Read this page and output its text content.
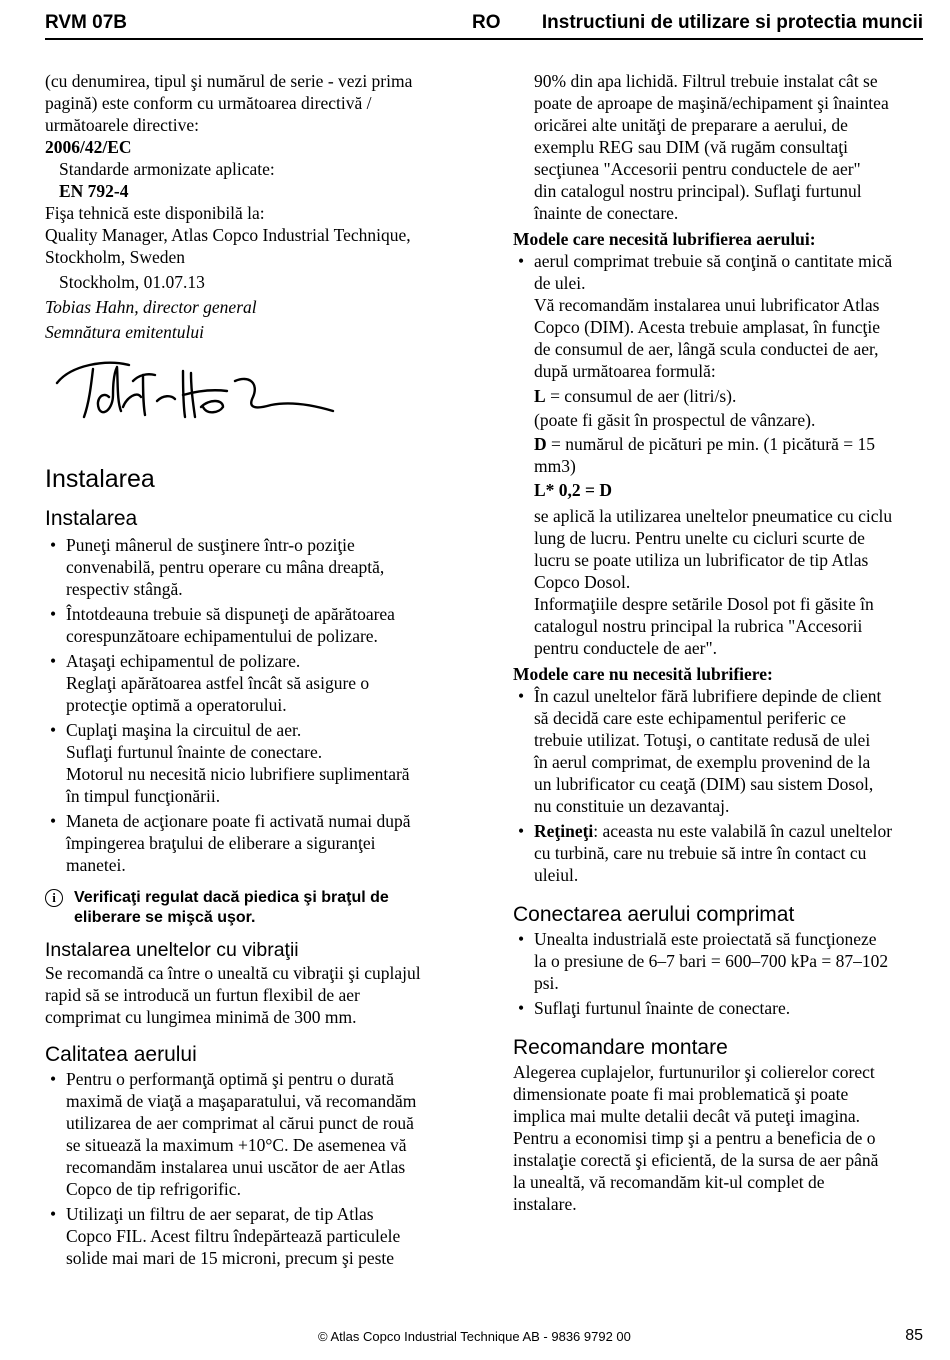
RVM 07B	RO Instructiuni de utilizare si protectia muncii

(cu denumirea, tipul şi numărul de serie - vezi prima

pagină) este conform cu următoarea directivă /

următoarele directive:

2006/42/EC

Standarde armonizate aplicate:

EN 792-4

Fişa tehnică este disponibilă la:

Quality Manager, Atlas Copco Industrial Technique,

Stockholm, Sweden

Stockholm, 01.07.13

Tobias Hahn, director general

Semnătura emitentului

Instalarea
Instalarea
• Puneţi mânerul de susţinere într-o poziţie
convenabilă, pentru operare cu mâna dreaptă,
respectiv stângă.
• Întotdeauna trebuie să dispuneţi de apărătoarea
corespunzătoare echipamentului de polizare.
• Ataşaţi echipamentul de polizare.
Reglaţi apărătoarea astfel încât să asigure o
protecţie optimă a operatorului.
• Cuplaţi maşina la circuitul de aer.
Suflaţi furtunul înainte de conectare.
Motorul nu necesită nicio lubrifiere suplimentară
în timpul funcţionării.
• Maneta de acţionare poate fi activată numai după
împingerea braţului de eliberare a siguranţei
manetei.
i	Verificaţi regulat dacă piedica şi braţul de
eliberare se mişcă uşor.
Instalarea uneltelor cu vibraţii

Se recomandă ca între o unealtă cu vibraţii şi cuplajul

rapid să se introducă un furtun flexibil de aer

comprimat cu lungimea minimă de 300 mm.

Calitatea aerului
• Pentru o performanţă optimă şi pentru o durată
maximă de viaţă a maşaparatului, vă recomandăm
utilizarea de aer comprimat al cărui punct de rouă
se situează la maximum +10°C. De asemenea vă
recomandăm instalarea unui uscător de aer Atlas
Copco de tip refrigorific.
• Utilizaţi un filtru de aer separat, de tip Atlas
Copco FIL. Acest filtru îndepărtează particulele
solide mai mari de 15 microni, precum şi peste

90% din apa lichidă. Filtrul trebuie instalat cât se

poate de aproape de maşină/echipament şi înaintea

oricărei alte unităţi de preparare a aerului, de

exemplu REG sau DIM (vă rugăm consultaţi

secţiunea "Accesorii pentru conductele de aer"

din catalogul nostru principal). Suflaţi furtunul

înainte de conectare.

Modele care necesită lubrifierea aerului:
• aerul comprimat trebuie să conţină o cantitate mică
de ulei.
Vă recomandăm instalarea unui lubrificator Atlas
Copco (DIM). Acesta trebuie amplasat, în funcţie
de consumul de aer, lângă scula conductei de aer,
după următoarea formulă:
L = consumul de aer (litri/s).
(poate fi găsit în prospectul de vânzare).
D = numărul de picături pe min. (1 picătură = 15
mm3)
L* 0,2 = D
se aplică la utilizarea uneltelor pneumatice cu ciclu
lung de lucru. Pentru unelte cu cicluri scurte de
lucru se poate utiliza un lubrificator de tip Atlas
Copco Dosol.
Informaţiile despre setările Dosol pot fi găsite în
catalogul nostru principal la rubrica "Accesorii
pentru conductele de aer".
Modele care nu necesită lubrifiere:
• În cazul uneltelor fără lubrifiere depinde de client
să decidă care este echipamentul periferic ce
trebuie utilizat. Totuşi, o cantitate redusă de ulei
în aerul comprimat, de exemplu provenind de la
un lubrificator cu ceaţă (DIM) sau sistem Dosol,
nu constituie un dezavantaj.
• Reţineţi: aceasta nu este valabilă în cazul uneltelor
cu turbină, care nu trebuie să intre în contact cu
uleiul.
Conectarea aerului comprimat
• Unealta industrială este proiectată să funcţioneze
la o presiune de 6–7 bari = 600–700 kPa = 87–102
psi.
• Suflaţi furtunul înainte de conectare.
Recomandare montare

Alegerea cuplajelor, furtunurilor şi colierelor corect

dimensionate poate fi mai problematică şi poate

implica mai multe detalii decât vă puteţi imagina.

Pentru a economisi timp şi a pentru a beneficia de o

instalaţie corectă şi eficientă, de la sursa de aer până

la unealtă, vă recomandăm kit-ul complet de

instalare.

© Atlas Copco Industrial Technique AB - 9836 9792 00	85
